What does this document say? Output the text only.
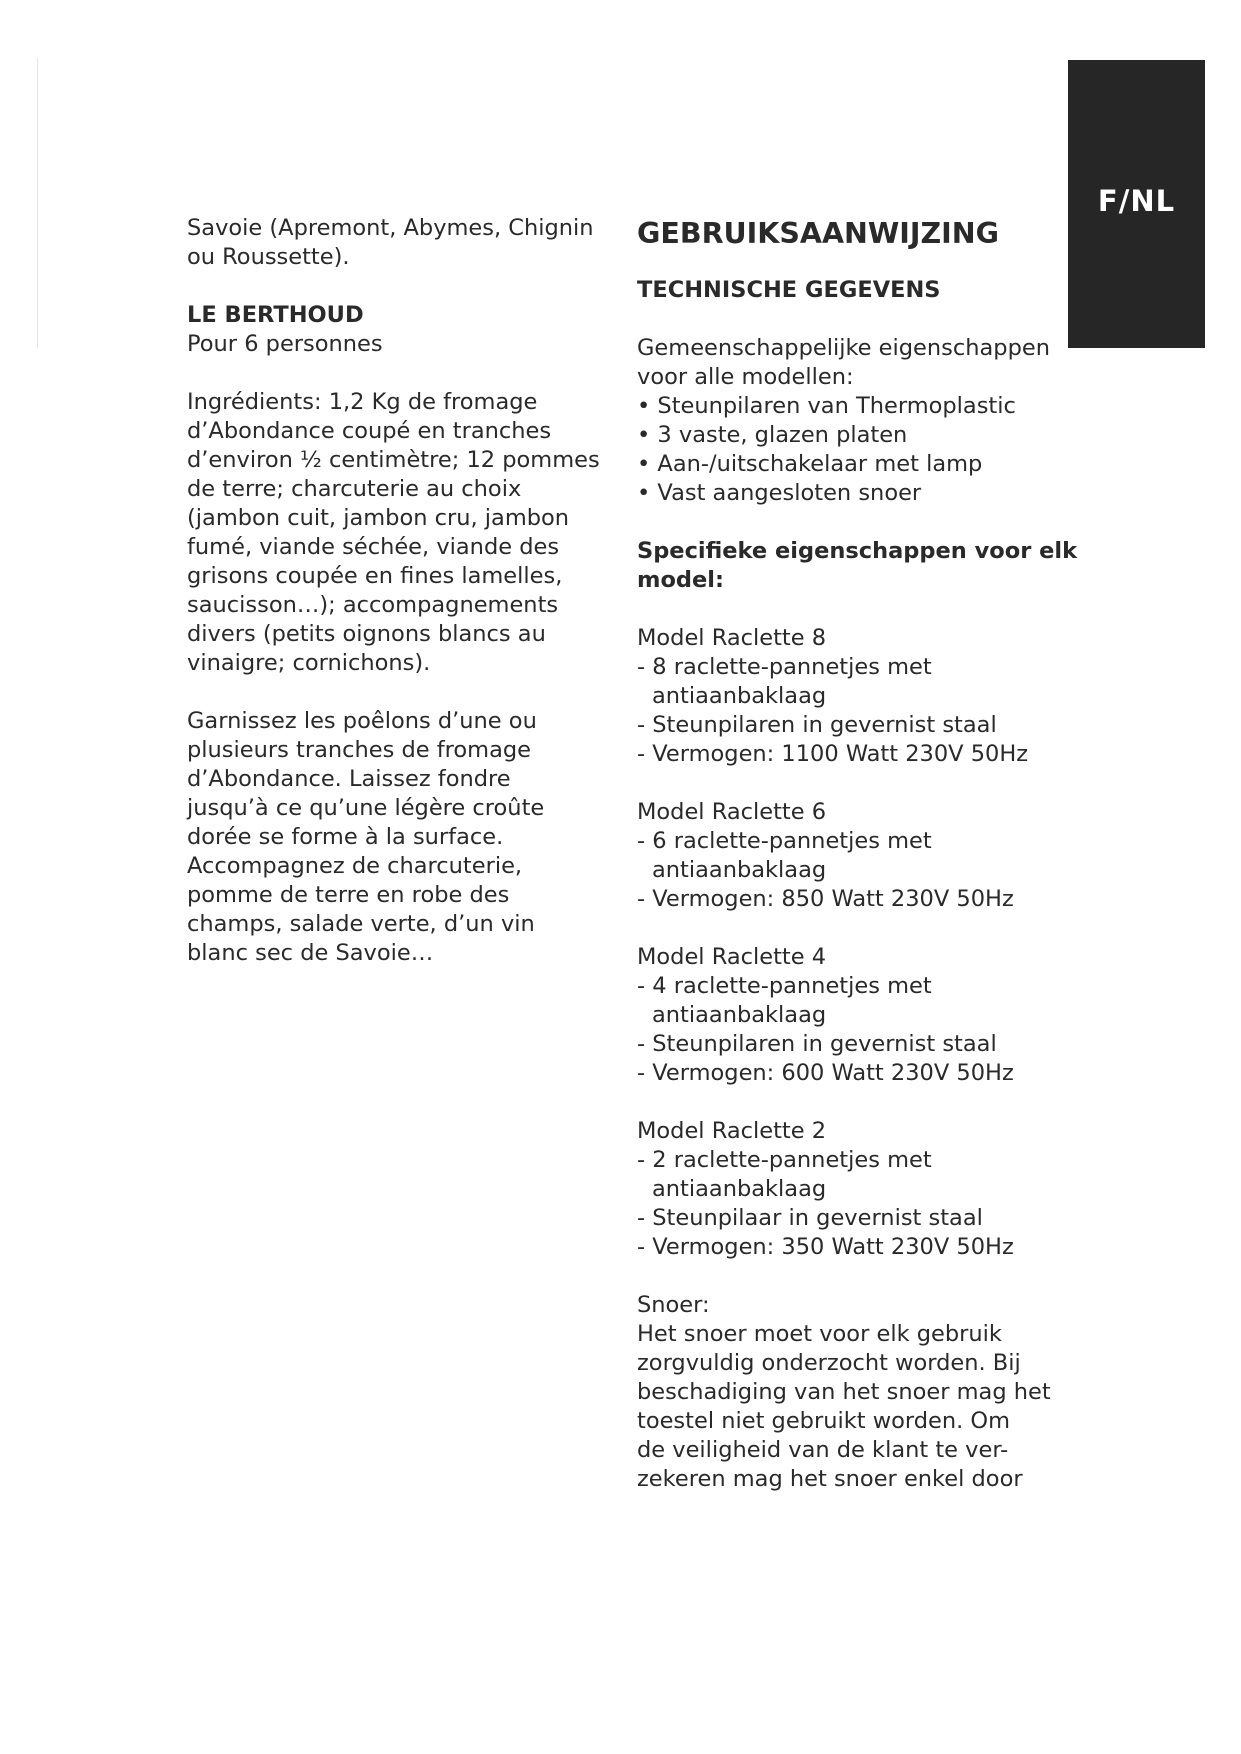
F/NL
Savoie (Apremont, Abymes, Chignin
ou Roussette).
LE BERTHOUD
Pour 6 personnes
Ingrédients: 1,2 Kg de fromage
d’Abondance coupé en tranches
d’environ ½ centimètre; 12 pommes
de terre; charcuterie au choix
(jambon cuit, jambon cru, jambon
fumé, viande séchée, viande des
grisons coupée en fines lamelles,
saucisson…); accompagnements
divers (petits oignons blancs au
vinaigre; cornichons).
Garnissez les poêlons d’une ou
plusieurs tranches de fromage
d’Abondance. Laissez fondre
jusqu’à ce qu’une légère croûte
dorée se forme à la surface.
Accompagnez de charcuterie,
pomme de terre en robe des
champs, salade verte, d’un vin
blanc sec de Savoie…
GEBRUIKSAANWIJZING
TECHNISCHE GEGEVENS
Gemeenschappelijke eigenschappen
voor alle modellen:
• Steunpilaren van Thermoplastic
• 3 vaste, glazen platen
• Aan-/uitschakelaar met lamp
• Vast aangesloten snoer
Specifieke eigenschappen voor elk
model:
Model Raclette 8
- 8 raclette-pannetjes met
antiaanbaklaag
- Steunpilaren in gevernist staal
- Vermogen: 1100 Watt 230V 50Hz
Model Raclette 6
- 6 raclette-pannetjes met
antiaanbaklaag
- Vermogen: 850 Watt 230V 50Hz
Model Raclette 4
- 4 raclette-pannetjes met
antiaanbaklaag
- Steunpilaren in gevernist staal
- Vermogen: 600 Watt 230V 50Hz
Model Raclette 2
- 2 raclette-pannetjes met
antiaanbaklaag
- Steunpilaar in gevernist staal
- Vermogen: 350 Watt 230V 50Hz
Snoer:
Het snoer moet voor elk gebruik
zorgvuldig onderzocht worden. Bij
beschadiging van het snoer mag het
toestel niet gebruikt worden. Om
de veiligheid van de klant te ver-
zekeren mag het snoer enkel door
